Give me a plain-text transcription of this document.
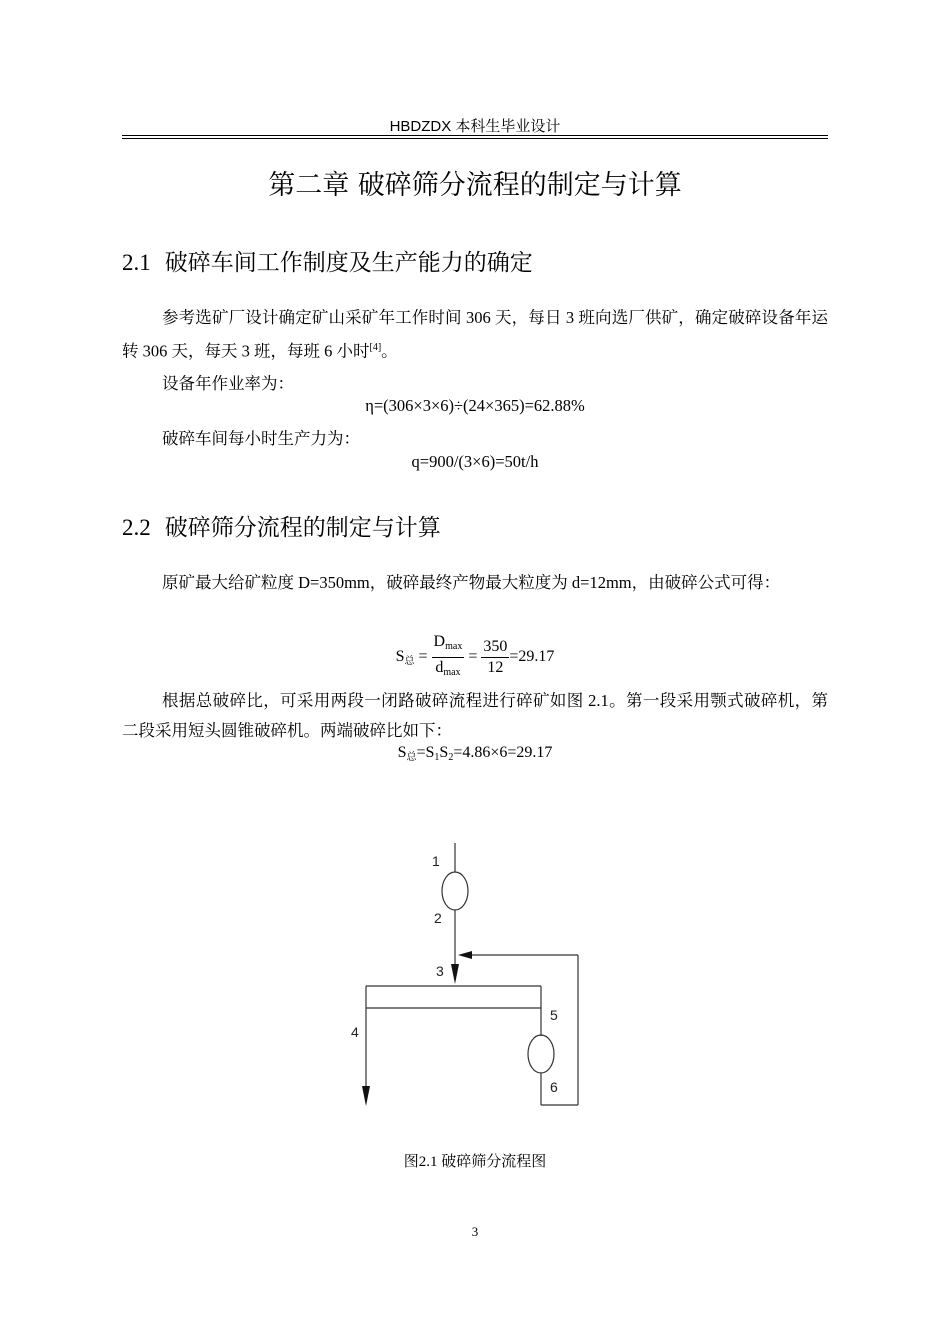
HBDZDX 本科生毕业设计
第二章 破碎筛分流程的制定与计算
2.1 破碎车间工作制度及生产能力的确定
参考选矿厂设计确定矿山采矿年工作时间 306 天，每日 3 班向选厂供矿，确定破碎设备年运转 306 天，每天 3 班，每班 6 小时[4]。
设备年作业率为：
η=(306×3×6)÷(24×365)=62.88%
破碎车间每小时生产力为：
q=900/(3×6)=50t/h
2.2 破碎筛分流程的制定与计算
原矿最大给矿粒度 D=350mm，破碎最终产物最大粒度为 d=12mm，由破碎公式可得：
$S_总 = \frac{D_{max}}{d_{max}} = \frac{350}{12} =29.17$
根据总破碎比，可采用两段一闭路破碎流程进行碎矿如图 2.1。第一段采用颚式破碎机，第二段采用短头圆锥破碎机。两端破碎比如下：
$S_总=S_1S_2=4.86\times 6=29.17$
1
2
3
4
5
6
图2.1 破碎筛分流程图
3
